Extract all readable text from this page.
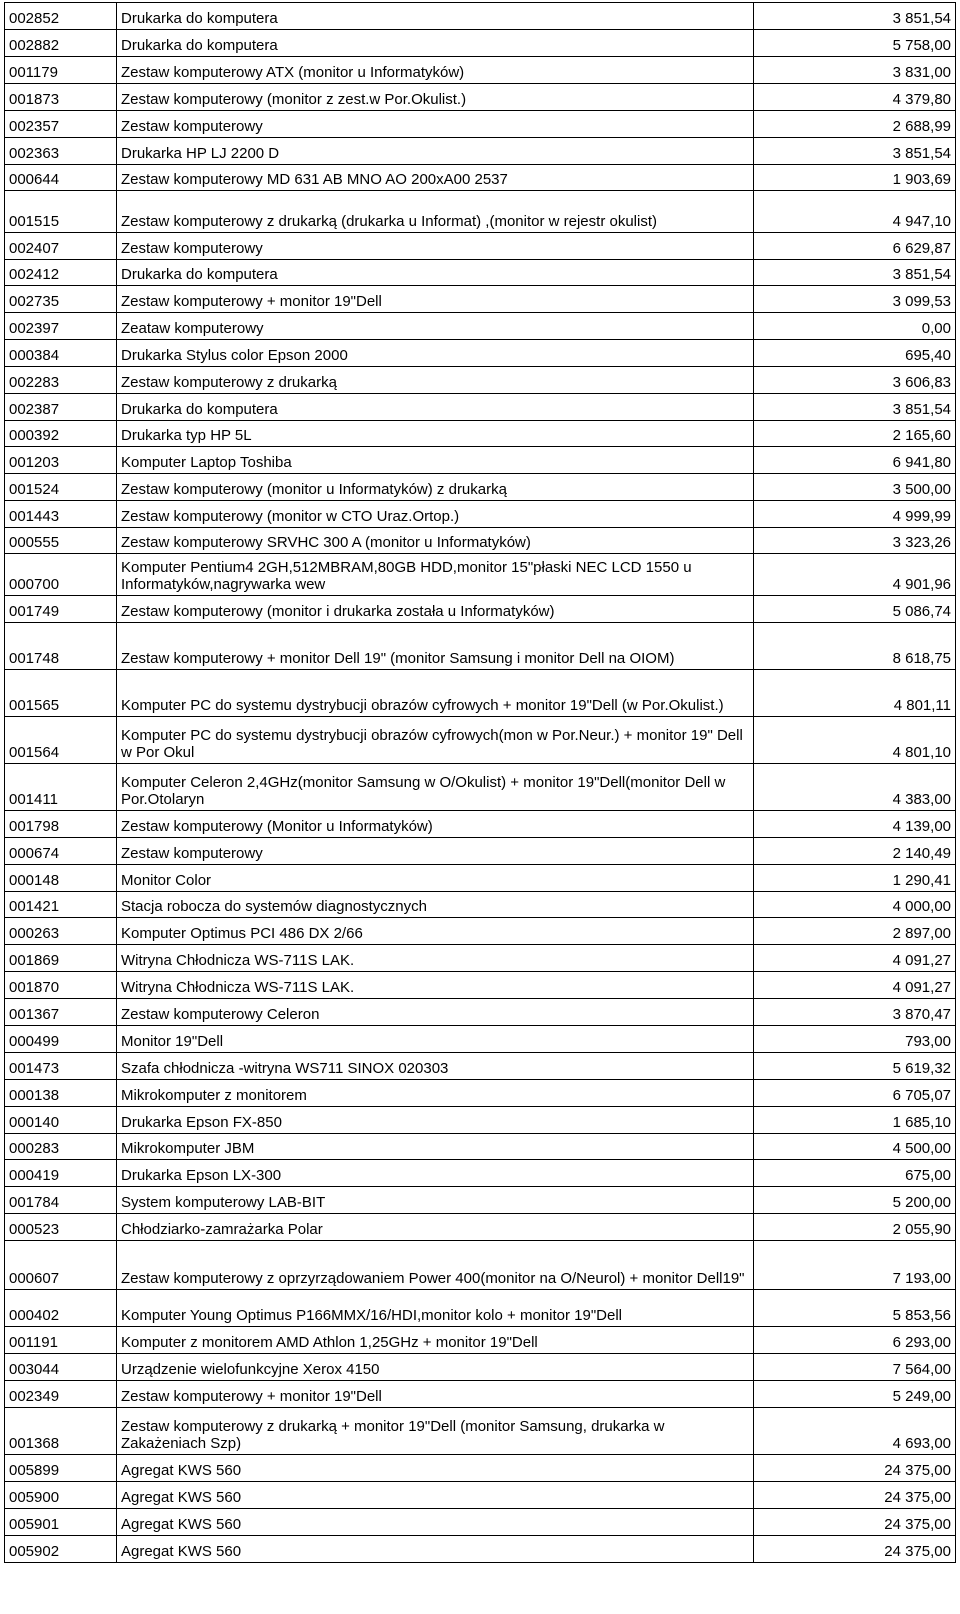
002852	Drukarka do komputera	3 851,54
002882	Drukarka do komputera	5 758,00
001179	Zestaw komputerowy ATX (monitor u Informatyków)	3 831,00
001873	Zestaw komputerowy (monitor z zest.w Por.Okulist.)	4 379,80
002357	Zestaw komputerowy	2 688,99
002363	Drukarka HP LJ 2200 D	3 851,54
000644	Zestaw komputerowy MD 631 AB MNO AO 200xA00 2537	1 903,69
001515	Zestaw komputerowy z drukarką (drukarka u Informat) ,(monitor w rejestr okulist)	4 947,10
002407	Zestaw komputerowy	6 629,87
002412	Drukarka do komputera	3 851,54
002735	Zestaw komputerowy + monitor 19"Dell	3 099,53
002397	Zeataw komputerowy	0,00
000384	Drukarka Stylus color Epson 2000	695,40
002283	Zestaw komputerowy z drukarką	3 606,83
002387	Drukarka do komputera	3 851,54
000392	Drukarka typ HP 5L	2 165,60
001203	Komputer Laptop Toshiba	6 941,80
001524	Zestaw komputerowy (monitor u Informatyków) z drukarką	3 500,00
001443	Zestaw komputerowy (monitor w CTO Uraz.Ortop.)	4 999,99
000555	Zestaw komputerowy SRVHC 300 A (monitor u Informatyków)	3 323,26
000700	Komputer Pentium4 2GH,512MBRAM,80GB HDD,monitor 15"płaski NEC LCD 1550 u Informatyków,nagrywarka wew	4 901,96
001749	Zestaw komputerowy (monitor i drukarka została u Informatyków)	5 086,74
001748	Zestaw komputerowy + monitor Dell 19" (monitor Samsung i monitor Dell na OIOM)	8 618,75
001565	Komputer PC do systemu dystrybucji obrazów cyfrowych + monitor 19"Dell (w Por.Okulist.)	4 801,11
001564	Komputer PC do systemu dystrybucji obrazów cyfrowych(mon w Por.Neur.) + monitor 19" Dell w Por Okul	4 801,10
001411	Komputer Celeron 2,4GHz(monitor Samsung w O/Okulist) + monitor 19"Dell(monitor Dell w Por.Otolaryn	4 383,00
001798	Zestaw komputerowy (Monitor u Informatyków)	4 139,00
000674	Zestaw komputerowy	2 140,49
000148	Monitor Color	1 290,41
001421	Stacja robocza do systemów diagnostycznych	4 000,00
000263	Komputer Optimus PCI 486 DX 2/66	2 897,00
001869	Witryna Chłodnicza WS-711S LAK.	4 091,27
001870	Witryna Chłodnicza WS-711S LAK.	4 091,27
001367	Zestaw komputerowy Celeron	3 870,47
000499	Monitor 19"Dell	793,00
001473	Szafa chłodnicza -witryna WS711 SINOX 020303	5 619,32
000138	Mikrokomputer z monitorem	6 705,07
000140	Drukarka Epson FX-850	1 685,10
000283	Mikrokomputer JBM	4 500,00
000419	Drukarka Epson LX-300	675,00
001784	System komputerowy LAB-BIT	5 200,00
000523	Chłodziarko-zamrażarka Polar	2 055,90
000607	Zestaw komputerowy z oprzyrządowaniem Power 400(monitor na O/Neurol) + monitor Dell19"	7 193,00
000402	Komputer Young Optimus P166MMX/16/HDI,monitor kolo + monitor 19"Dell	5 853,56
001191	Komputer z monitorem AMD Athlon 1,25GHz + monitor 19"Dell	6 293,00
003044	Urządzenie wielofunkcyjne Xerox 4150	7 564,00
002349	Zestaw komputerowy + monitor 19"Dell	5 249,00
001368	Zestaw komputerowy z drukarką + monitor 19"Dell (monitor Samsung, drukarka w Zakażeniach Szp)	4 693,00
005899	Agregat KWS 560	24 375,00
005900	Agregat KWS 560	24 375,00
005901	Agregat KWS 560	24 375,00
005902	Agregat KWS 560	24 375,00
